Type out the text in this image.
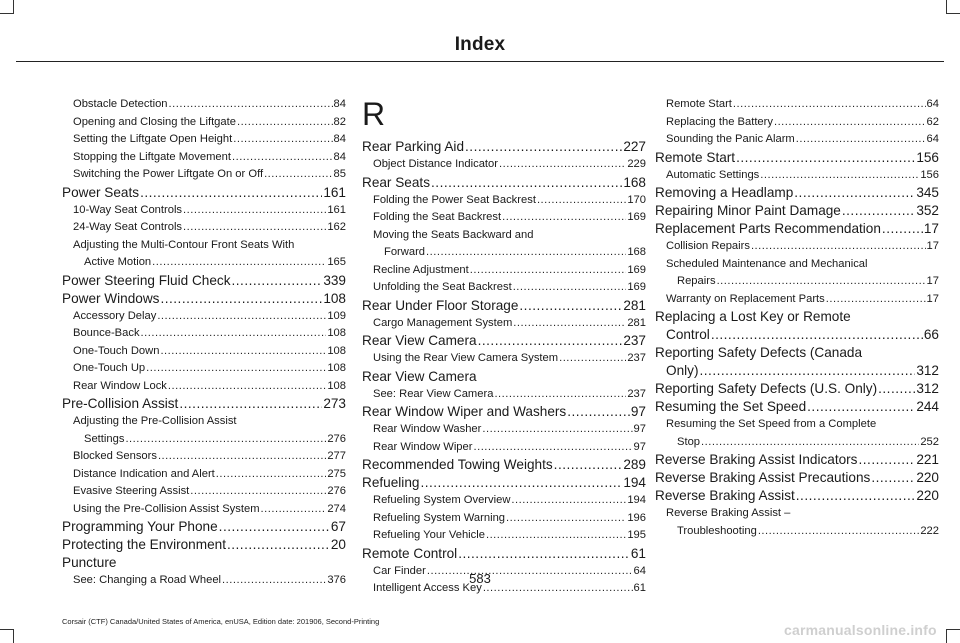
Index
Obstacle Detection .....	84
Opening and Closing the Liftgate .....	82
Setting the Liftgate Open Height .....	84
Stopping the Liftgate Movement .....	84
Switching the Power Liftgate On or Off .....	85
Power Seats .....	161
10-Way Seat Controls .....	161
24-Way Seat Controls .....	162
Adjusting the Multi-Contour Front Seats With
Active Motion .....	165
Power Steering Fluid Check .....	339
Power Windows .....	108
Accessory Delay .....	109
Bounce-Back .....	108
One-Touch Down .....	108
One-Touch Up .....	108
Rear Window Lock .....	108
Pre-Collision Assist .....	273
Adjusting the Pre-Collision Assist
Settings .....	276
Blocked Sensors .....	277
Distance Indication and Alert .....	275
Evasive Steering Assist .....	276
Using the Pre-Collision Assist System .....	274
Programming Your Phone .....	67
Protecting the Environment .....	20
Puncture
See: Changing a Road Wheel .....	376
R
Rear Parking Aid .....	227
Object Distance Indicator .....	229
Rear Seats .....	168
Folding the Power Seat Backrest .....	170
Folding the Seat Backrest .....	169
Moving the Seats Backward and
Forward .....	168
Recline Adjustment .....	169
Unfolding the Seat Backrest .....	169
Rear Under Floor Storage .....	281
Cargo Management System .....	281
Rear View Camera .....	237
Using the Rear View Camera System .....	237
Rear View Camera
See: Rear View Camera .....	237
Rear Window Wiper and Washers .....	97
Rear Window Washer .....	97
Rear Window Wiper .....	97
Recommended Towing Weights .....	289
Refueling .....	194
Refueling System Overview .....	194
Refueling System Warning .....	196
Refueling Your Vehicle .....	195
Remote Control .....	61
Car Finder .....	64
Intelligent Access Key .....	61
Remote Start .....	64
Replacing the Battery .....	62
Sounding the Panic Alarm .....	64
Remote Start .....	156
Automatic Settings .....	156
Removing a Headlamp .....	345
Repairing Minor Paint Damage .....	352
Replacement Parts Recommendation .....	17
Collision Repairs .....	17
Scheduled Maintenance and Mechanical
Repairs .....	17
Warranty on Replacement Parts .....	17
Replacing a Lost Key or Remote
Control .....	66
Reporting Safety Defects (Canada
Only) .....	312
Reporting Safety Defects (U.S. Only) .....	312
Resuming the Set Speed .....	244
Resuming the Set Speed from a Complete
Stop .....	252
Reverse Braking Assist Indicators .....	221
Reverse Braking Assist Precautions .....	220
Reverse Braking Assist .....	220
Reverse Braking Assist –
Troubleshooting .....	222
583
Corsair (CTF) Canada/United States of America, enUSA, Edition date: 201906, Second-Printing
carmanualsonline.info
